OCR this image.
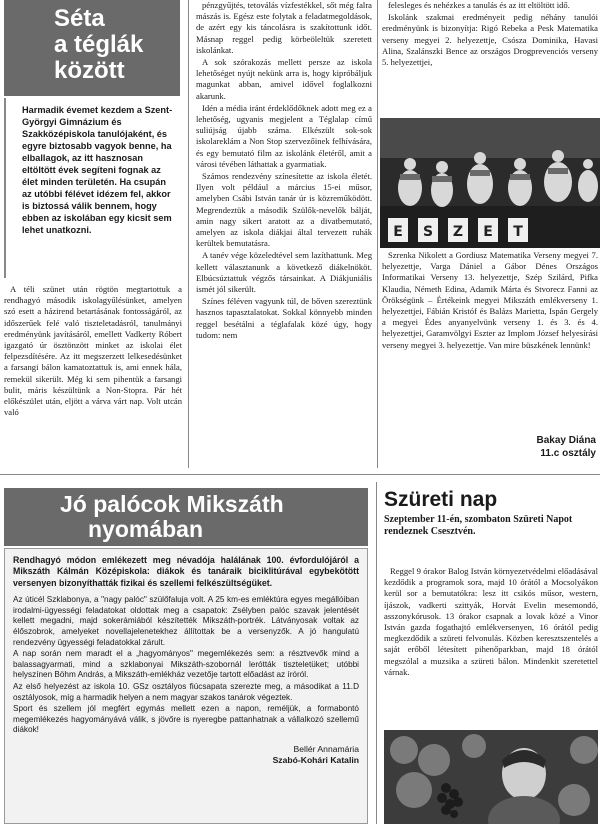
Séta
a téglák
között
Harmadik évemet kezdem a Szent-Györgyi Gimnázium és Szakközépiskola tanulójaként, és egyre biztosabb vagyok benne, ha elballagok, az itt hasznosan eltöltött évek segíteni fognak az élet minden területén. Ha csupán az utóbbi félévet idézem fel, akkor is biztossá válik bennem, hogy ebben az iskolában egy kicsit sem lehet unatkozni.

A téli szünet után rögtön megtartottuk a rendhagyó második iskolagyűlésünket, amelyen szó esett a házirend betartásának fontosságáról, az időszerűek felé való tiszteletadásról, tanulmányi eredményünk javításáról, emellett Vadkerty Róbert igazgató úr ösztönzött minket az iskolai élet felpezsdítésére. Az itt megszerzett lelkesedésünket a farsangi bálon kamatoztattuk is, ami ennek hála, remekül sikerült. Még ki sem pihentük a farsangi bulit, máris készültünk a Non-Stopra. Pár hét előkészület után, eljött a várva várt nap. Volt utcán való

pénzgyűjtés, tetoválás vízfestékkel, sőt még falra mászás is. Egész este folytak a feladatmegoldások, de azért egy kis táncolásra is szakítottunk időt. Másnap reggel pedig körbeöleltük szeretett iskolánkat.

A sok szórakozás mellett persze az iskola lehetőséget nyújt nekünk arra is, hogy kipróbáljuk magunkat abban, amivel idővel foglalkozni akarunk.

Idén a média iránt érdeklődőknek adott meg ez a lehetőség, ugyanis megjelent a Téglalap című suliújság újabb száma. Elkészült sok-sok iskolareklám a Non Stop szervezőinek felhívására, és egy bemutató film az iskolánk életéről, amit a városi tévében láthattak a gyarmatiak.

Számos rendezvény színesítette az iskola életét. Ilyen volt például a március 15-ei műsor, amelyben Csábi István tanár úr is közreműködött. Megrendeztük a második Szülők-nevelők bálját, amin nagy sikert aratott az a divatbemutató, amelyen az iskola diákjai által tervezett ruhák kerültek bemutatásra.

A tanév vége közeledtével sem lazíthattunk. Meg kellett választanunk a következő diákelnököt. Elbúcsúztattuk végzős társainkat. A Diákjuniális ismét jól sikerült.

Színes féléven vagyunk túl, de bőven szereztünk hasznos tapasztalatokat. Sokkal könnyebb minden reggel besétálni a téglafalak közé úgy, hogy tudom: nem

felesleges és nehézkes a tanulás és az itt eltöltött idő.

Iskolánk szakmai eredményeit pedig néhány tanulói eredményünk is bizonyítja: Rigó Rebeka a Pesk Matematika verseny megyei 2. helyezettje, Csósza Dominika, Havasi Alina, Szalánszki Bence az országos Drogprevenciós verseny 5. helyezettjei,

E S Z E T

Szrenka Nikolett a Gordiusz Matematika Verseny megyei 7. helyezettje, Varga Dániel a Gábor Dénes Országos Informatikai Verseny 13. helyezettje, Szép Szilárd, Pifka Klaudia, Németh Edina, Adamik Márta és Stvorecz Fanni az Örökségünk – Értékeink megyei Mikszáth emlékverseny 1. helyezettjei, Fábián Kristóf és Balázs Marietta, Ispán Gergely a megyei Édes anyanyelvünk verseny 1. és 3. és 4. helyezettjei, Garamvölgyi Eszter az Implom József helyesírási verseny megyei 3. helyezettje. Van mire büszkének lennünk!

Bakay Diána
11.c osztály
Jó palócok Mikszáth
nyomában
Rendhagyó módon emlékezett meg névadója halálának 100. évfordulójáról a Mikszáth Kálmán Középiskola: diákok és tanáraik biciklitúrával egybekötött versenyen bizonyíthatták fizikai és szellemi felkészültségüket.

Az úticél Szklabonya, a "nagy palóc" szülőfaluja volt. A 25 km-es emléktúra egyes megállóiban irodalmi-ügyességi feladatokat oldottak meg a csapatok: Zsélyben palóc szavak jelentését kellett megadni, majd sokerámiából készítették Mikszáth-portrék. Látványosak voltak az élőszobrok, amelyeket novellajelenetekhez állítottak be a versenyzők. A jó hangulatú rendezvény ügyességi feladatokkal zárult.

A nap során nem maradt el a „hagyományos" megemlékezés sem: a résztvevők mind a balassagyarmati, mind a szklabonyai Mikszáth-szobornál lerótták tiszteletüket; utóbbi helyszínen Böhm András, a Mikszáth-emlékház vezetője tartott előadást az íróról.

Az első helyezést az iskola 10. GSz osztályos fiúcsapata szerezte meg, a másodikat a 11.D osztályosok, míg a harmadik helyen a nem magyar szakos tanárok végeztek.

Sport és szellem jól megfért egymás mellett ezen a napon, reméljük, a formabontó megemlékezés hagyományává válik, s jövőre is nyeregbe pattanhatnak a vállalkozó szellemű diákok!

Bellér Annamária
Szabó-Kohári Katalin
Szüreti nap
Szeptember 11-én, szombaton Szüreti Napot rendeznek Csesztvén.

Reggel 9 órakor Balog István környezetvédelmi előadásával kezdődik a programok sora, majd 10 órától a Mocsolyákon kerül sor a bemutatókra: lesz itt csikós műsor, western, íjászok, vadkerti szittyák, Horvát Evelin mesemondó, asszonykórusok. 13 órakor csapnak a lovak közé a Vinor István gazda fogathajtó emlékversenyen, 16 órától pedig megkezdődik a szüreti felvonulás. Közben keresztszentelés a saját erőből létesített pihenőparkban, majd 18 órától megszólal a muzsika a szüreti bálon. Mindenkit szeretettel várnak.
